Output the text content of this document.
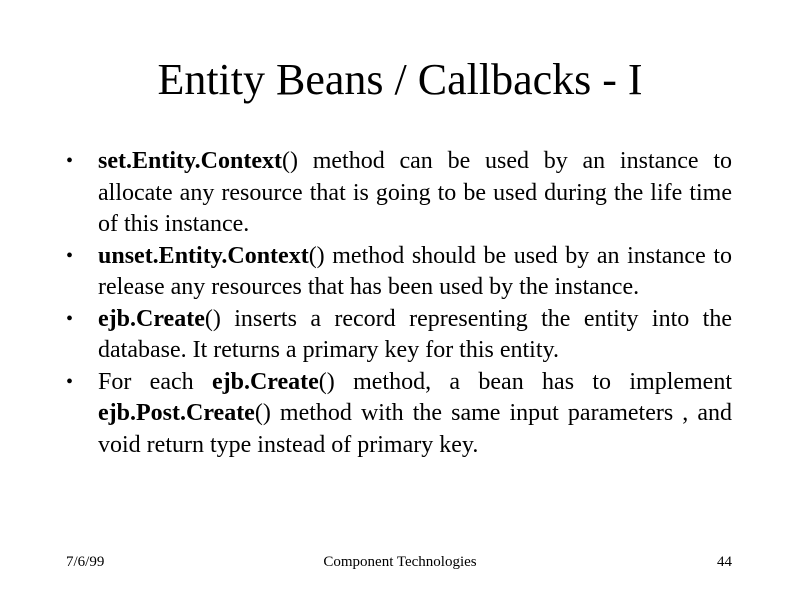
Entity Beans / Callbacks - I
• set.Entity.Context() method can be used by an instance to allocate any resource that is going to be used during the life time of this instance.
• unset.Entity.Context() method should be used by an instance to release any resources that has been used by the instance.
• ejb.Create() inserts a record representing the entity into the database. It returns a primary key for this entity.
• For each ejb.Create() method, a bean has to implement ejb.Post.Create() method with the same input parameters , and void return type instead of primary key.
7/6/99	Component Technologies	44
